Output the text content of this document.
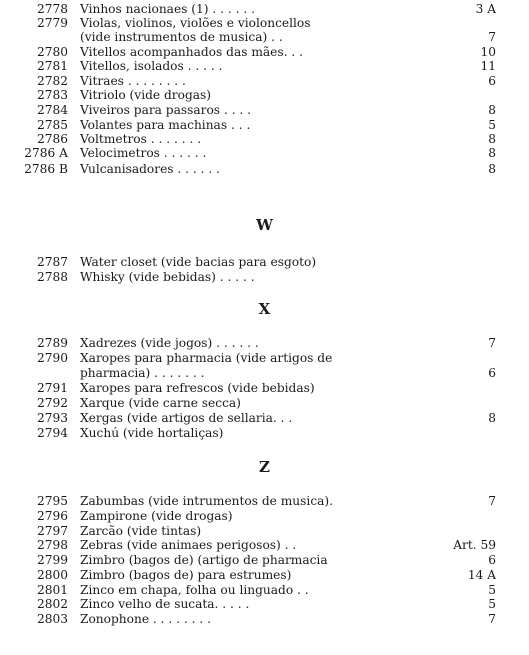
2778 Vinhos nacionaes (1) . . . . . .	3 A
2779 Violas, violinos, violões e violoncellos
(vide instrumentos de musica) . .	7
2780 Vitellos acompanhados das mães. . .	10
2781 Vitellos, isolados . . . . .	11
2782 Vitraes . . . . . . . .	6
2783 Vitriolo (vide drogas)
2784 Viveiros para passaros . . . .	8
2785 Volantes para machinas . . .	5
2786 Voltmetros . . . . . . .	8
2786 A Velocimetros . . . . . .	8
2786 B Vulcanisadores . . . . . .	8
W
2787 Water closet (vide bacias para esgoto)
2788 Whisky (vide bebidas) . . . . .
X
2789 Xadrezes (vide jogos) . . . . . .	7
2790 Xaropes para pharmacia (vide artigos de
pharmacia) . . . . . . .	6
2791 Xaropes para refrescos (vide bebidas)
2792 Xarque (vide carne secca)
2793 Xergas (vide artigos de sellaria. . .	8
2794 Xuchú (vide hortaliças)
Z
2795 Zabumbas (vide intrumentos de musica).	7
2796 Zampirone (vide drogas)
2797 Zarcão (vide tintas)
2798 Zebras (vide animaes perigosos) . .	Art. 59
2799 Zimbro (bagos de) (artigo de pharmacia	6
2800 Zimbro (bagos de) para estrumes)	14 A
2801 Zinco em chapa, folha ou linguado . .	5
2802 Zinco velho de sucata. . . . .	5
2803 Zonophone . . . . . . . .	7
